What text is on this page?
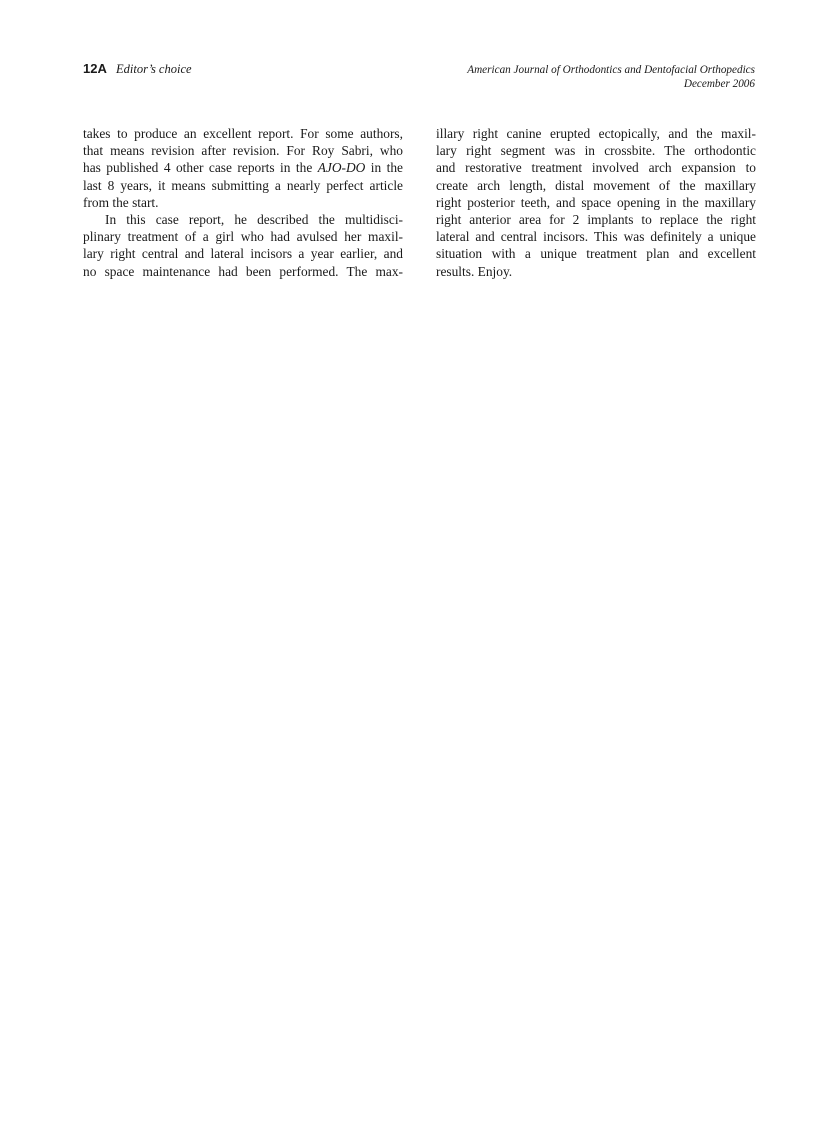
12A Editor’s choice	American Journal of Orthodontics and Dentofacial Orthopedics
December 2006
takes to produce an excellent report. For some authors,
that means revision after revision. For Roy Sabri, who
has published 4 other case reports in the AJO-DO in the
last 8 years, it means submitting a nearly perfect article
from the start.
In this case report, he described the multidisci-
plinary treatment of a girl who had avulsed her maxil-
lary right central and lateral incisors a year earlier, and
no space maintenance had been performed. The max-
illary right canine erupted ectopically, and the maxil-
lary right segment was in crossbite. The orthodontic
and restorative treatment involved arch expansion to
create arch length, distal movement of the maxillary
right posterior teeth, and space opening in the maxillary
right anterior area for 2 implants to replace the right
lateral and central incisors. This was definitely a unique
situation with a unique treatment plan and excellent
results. Enjoy.
